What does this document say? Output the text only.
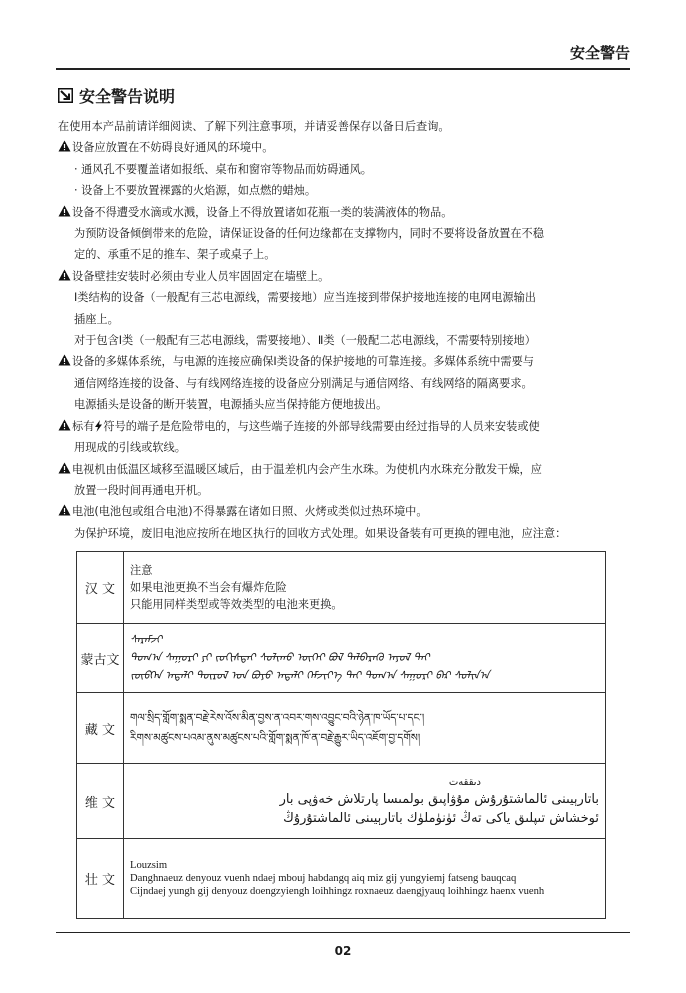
安全警告
安全警告说明
在使用本产品前请详细阅读、了解下列注意事项，并请妥善保存以备日后查询。
设备应放置在不妨碍良好通风的环境中。
· 通风孔不要覆盖诸如报纸、桌布和窗帘等物品而妨碍通风。
· 设备上不要放置裸露的火焰源，如点燃的蜡烛。
设备不得遭受水滴或水溅，设备上不得放置诸如花瓶一类的装满液体的物品。
为预防设备倾倒带来的危险，请保证设备的任何边缘都在支撑物内，同时不要将设备放置在不稳
定的、承重不足的推车、架子或桌子上。
设备壁挂安装时必须由专业人员牢固固定在墙壁上。
Ⅰ类结构的设备（一般配有三芯电源线，需要接地）应当连接到带保护接地连接的电网电源输出
插座上。
对于包含Ⅰ类（一般配有三芯电源线，需要接地）、Ⅱ类（一般配二芯电源线，不需要特别接地）
设备的多媒体系统，与电源的连接应确保Ⅰ类设备的保护接地的可靠连接。多媒体系统中需要与
通信网络连接的设备、与有线网络连接的设备应分别满足与通信网络、有线网络的隔离要求。
电源插头是设备的断开装置，电源插头应当保持能方便地拔出。
标有 符号的端子是危险带电的，与这些端子连接的外部导线需要由经过指导的人员来安装或使
用现成的引线或软线。
电视机由低温区域移至温暖区域后，由于温差机内会产生水珠。为使机内水珠充分散发干燥，应
放置一段时间再通电开机。
电池(电池包或组合电池)不得暴露在诸如日照、火烤或类似过热环境中。
为保护环境，废旧电池应按所在地区执行的回收方式处理。如果设备装有可更换的锂电池，应注意：
汉 文	注意
如果电池更换不当会有爆炸危险
只能用同样类型或等效类型的电池来更换。

蒙古文	ᠰᠡᠷᠡᠮᠵᠢ
ᠲᠣᠭ᠎ᠠ ᠰᠠᠭᠤᠷᠢ ᠶᠢ ᠵᠣᠬᠢᠰᠲᠠᠢ ᠰᠣᠯᠢᠬᠤ ᠦᠭᠡᠢ ᠪᠣᠯ ᠳᠡᠯᠪᠡᠷᠡᠬᠦ ᠠᠶᠤᠯ ᠲᠠᠢ
ᠵᠥᠪᠬᠡᠨ ᠠᠳᠠᠯᠢ ᠲᠥᠷᠥᠯ ᠤᠨ ᠪᠤᠶᠤ ᠠᠳᠠᠯᠢ ᠬᠡᠮᠵᠢᠶ᠎ᠡ ᠲᠡᠢ ᠲᠣᠭ᠎ᠠ ᠰᠠᠭᠤᠷᠢ ᠪᠠᠷ ᠰᠣᠯᠢᠨ᠎ᠠ

藏 文	གལ་སྲིད་གློག་སྨན་བརྗེ་རེས་འོས་མིན་བྱས་ན་འབར་གས་འབྱུང་བའི་ཉེན་ཁ་ཡོད་པ་དང་།
རིགས་མཚུངས་པའམ་ནུས་མཚུངས་པའི་གློག་སྨན་ཁོ་ན་བརྗེ་རྒྱུར་ཡིད་འཇོག་བྱ་དགོས།

维 文	دىققەت
باتارېيىنى ئالماشتۇرۇش مۇۋاپىق بولمىسا پارتلاش خەۋپى بار
ئوخشاش تىپلىق ياكى تەڭ ئۈنۈملۈك باتارېيىنى ئالماشتۇرۇڭ

壮 文	Louzsim
Danghnaeuz denyouz vuenh ndaej mbouj habdangq aiq miz gij yungyiemj fatseng bauqcaq
Cijndaej yungh gij denyouz doengzyiengh loihhingz roxnaeuz daengjyauq loihhingz haenx vuenh
02
